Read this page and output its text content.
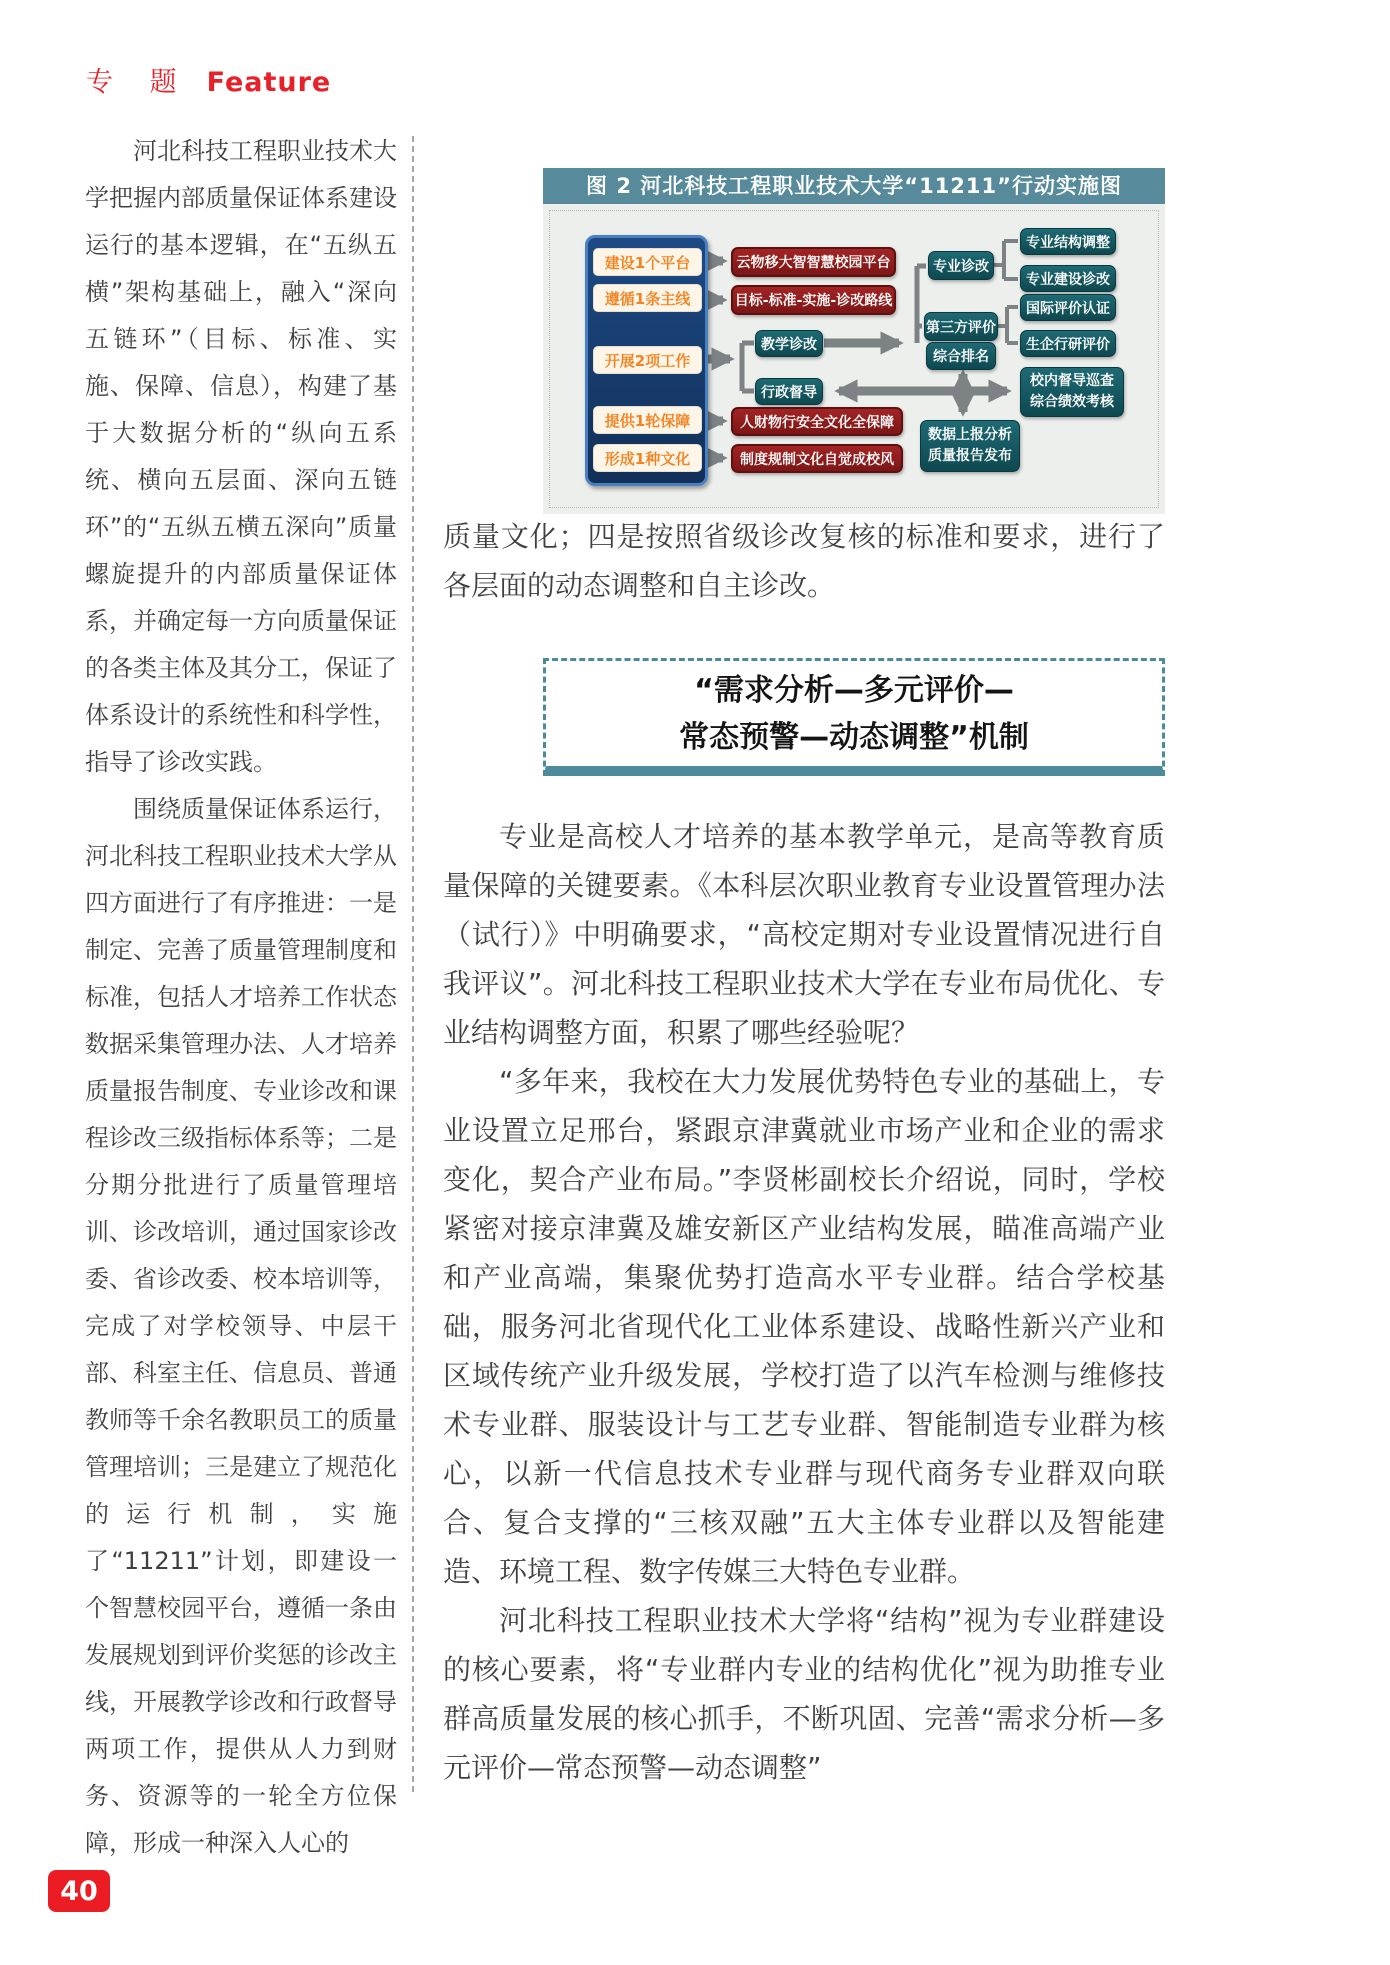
专 题 Feature

河北科技工程职业技术大学把握内部质量保证体系建设运行的基本逻辑，在“五纵五横”架构基础上，融入“深向五链环”（目标、标准、实施、保障、信息），构建了基于大数据分析的“纵向五系统、横向五层面、深向五链环”的“五纵五横五深向”质量螺旋提升的内部质量保证体系，并确定每一方向质量保证的各类主体及其分工，保证了体系设计的系统性和科学性，指导了诊改实践。

围绕质量保证体系运行，河北科技工程职业技术大学从四方面进行了有序推进：一是制定、完善了质量管理制度和标准，包括人才培养工作状态数据采集管理办法、人才培养质量报告制度、专业诊改和课程诊改三级指标体系等；二是分期分批进行了质量管理培训、诊改培训，通过国家诊改委、省诊改委、校本培训等，完成了对学校领导、中层干部、科室主任、信息员、普通教师等千余名教职员工的质量管理培训；三是建立了规范化的运行机制，实施了“11211”计划，即建设一个智慧校园平台，遵循一条由发展规划到评价奖惩的诊改主线，开展教学诊改和行政督导两项工作，提供从人力到财务、资源等的一轮全方位保障，形成一种深入人心的

图 2 河北科技工程职业技术大学“11211”行动实施图
建设1个平台
遵循1条主线
开展2项工作
提供1轮保障
形成1种文化
云物移大智智慧校园平台
目标-标准-实施-诊改路线
教学诊改
行政督导
人财物行安全文化全保障
制度规制文化自觉成校风
专业诊改
第三方评价
综合排名
专业结构调整
专业建设诊改
国际评价认证
生企行研评价
校内督导巡查
综合绩效考核
数据上报分析
质量报告发布

质量文化；四是按照省级诊改复核的标准和要求，进行了各层面的动态调整和自主诊改。

“需求分析—多元评价—
常态预警—动态调整”机制

专业是高校人才培养的基本教学单元，是高等教育质量保障的关键要素。《本科层次职业教育专业设置管理办法（试行）》中明确要求，“高校定期对专业设置情况进行自我评议”。河北科技工程职业技术大学在专业布局优化、专业结构调整方面，积累了哪些经验呢？

“多年来，我校在大力发展优势特色专业的基础上，专业设置立足邢台，紧跟京津冀就业市场产业和企业的需求变化，契合产业布局。”李贤彬副校长介绍说，同时，学校紧密对接京津冀及雄安新区产业结构发展，瞄准高端产业和产业高端，集聚优势打造高水平专业群。结合学校基础，服务河北省现代化工业体系建设、战略性新兴产业和区域传统产业升级发展，学校打造了以汽车检测与维修技术专业群、服装设计与工艺专业群、智能制造专业群为核心，以新一代信息技术专业群与现代商务专业群双向联合、复合支撑的“三核双融”五大主体专业群以及智能建造、环境工程、数字传媒三大特色专业群。

河北科技工程职业技术大学将“结构”视为专业群建设的核心要素，将“专业群内专业的结构优化”视为助推专业群高质量发展的核心抓手，不断巩固、完善“需求分析—多元评价—常态预警—动态调整”

40
